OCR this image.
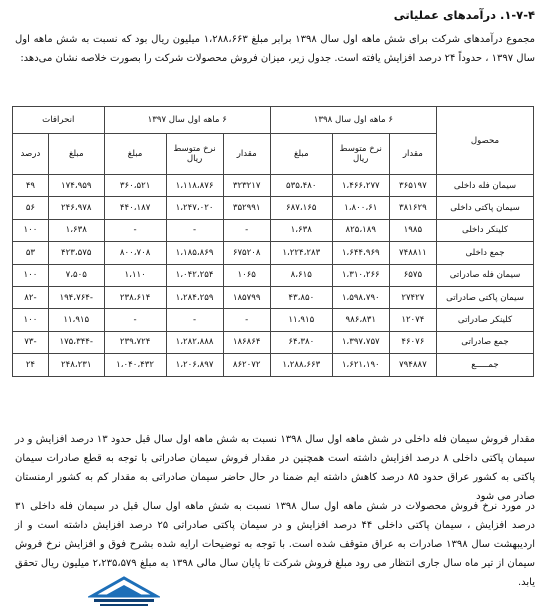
۱-۷-۴. درآمدهای عملیاتی

مجموع درآمدهای شرکت برای شش ماهه اول سال ۱۳۹۸ برابر مبلغ ۱،۲۸۸،۶۶۳ میلیون ریال بود که نسبت به شش ماهه اول سال ۱۳۹۷ ، حدوداً ۲۴ درصد افزایش یافته است. جدول زیر، میزان فروش محصولات شرکت را بصورت خلاصه نشان می‌دهد:

محصول	۶ ماهه اول سال ۱۳۹۸			۶ ماهه اول سال ۱۳۹۷			انحرافات	
	مقدار	نرخ متوسط ریال	مبلغ	مقدار	نرخ متوسط ریال	مبلغ	مبلغ	درصد
سیمان فله داخلی	۳۶۵۱۹۷	۱،۴۶۶،۲۷۷	۵۳۵،۴۸۰	۳۲۳۲۱۷	۱،۱۱۸،۸۷۶	۳۶۰،۵۲۱	۱۷۴،۹۵۹	۴۹
سیمان پاکتی داخلی	۳۸۱۶۲۹	۱،۸۰۰،۶۱	۶۸۷،۱۶۵	۳۵۲۹۹۱	۱،۲۴۷،۰۲۰	۴۴۰،۱۸۷	۲۴۶،۹۷۸	۵۶
کلینکر داخلی	۱۹۸۵	۸۲۵،۱۸۹	۱،۶۳۸	-	-	-	۱،۶۳۸	۱۰۰
جمع داخلی	۷۴۸۸۱۱	۱،۶۴۴،۹۶۹	۱،۲۲۴،۲۸۳	۶۷۵۲۰۸	۱،۱۸۵،۸۶۹	۸۰۰،۷۰۸	۴۲۳،۵۷۵	۵۳
سیمان فله صادراتی	۶۵۷۵	۱،۳۱۰،۲۶۶	۸،۶۱۵	۱۰۶۵	۱،۰۴۲،۲۵۴	۱،۱۱۰	۷،۵۰۵	۱۰۰
سیمان پاکتی صادراتی	۲۷۴۲۷	۱،۵۹۸،۷۹۰	۴۳،۸۵۰	۱۸۵۷۹۹	۱،۲۸۴،۲۵۹	۲۳۸،۶۱۴	-۱۹۴،۷۶۴	-۸۲
کلینکر صادراتی	۱۲۰۷۴	۹۸۶،۸۳۱	۱۱،۹۱۵	-	-	-	۱۱،۹۱۵	۱۰۰
جمع صادراتی	۴۶۰۷۶	۱،۳۹۷،۷۵۷	۶۴،۳۸۰	۱۸۶۸۶۴	۱،۲۸۲،۸۸۸	۲۳۹،۷۲۴	-۱۷۵،۳۴۴	-۷۳
جمـــــع	۷۹۴۸۸۷	۱،۶۲۱،۱۹۰	۱،۲۸۸،۶۶۳	۸۶۲۰۷۲	۱،۲۰۶،۸۹۷	۱،۰۴۰،۴۳۲	۲۴۸،۲۳۱	۲۴

مقدار فروش سیمان فله داخلی در شش ماهه اول سال ۱۳۹۸ نسبت به شش ماهه اول سال قبل حدود ۱۳ درصد افزایش و در سیمان پاکتی داخلی ۸ درصد افزایش داشته است همچنین در مقدار فروش سیمان صادراتی با توجه به قطع صادرات سیمان پاکتی به کشور عراق حدود ۸۵ درصد کاهش داشته ایم ضمنا در حال حاضر سیمان صادراتی به مقدار کم به کشور ارمنستان صادر می شود

در مورد نرخ فروش محصولات در شش ماهه اول سال ۱۳۹۸ نسبت به شش ماهه اول سال قبل در سیمان فله داخلی ۳۱ درصد افزایش ، سیمان پاکتی داخلی ۴۴ درصد افزایش و در سیمان پاکتی صادراتی ۲۵ درصد افزایش داشته است و از اردیبهشت سال ۱۳۹۸ صادرات به عراق متوقف شده است. با توجه به توضیحات ارایه شده بشرح فوق و افزایش نرخ فروش سیمان از تیر ماه سال جاری انتظار می رود مبلغ فروش شرکت تا پایان سال مالی ۱۳۹۸ به مبلغ ۲،۲۳۵،۵۷۹ میلیون ریال تحقق یابد.
